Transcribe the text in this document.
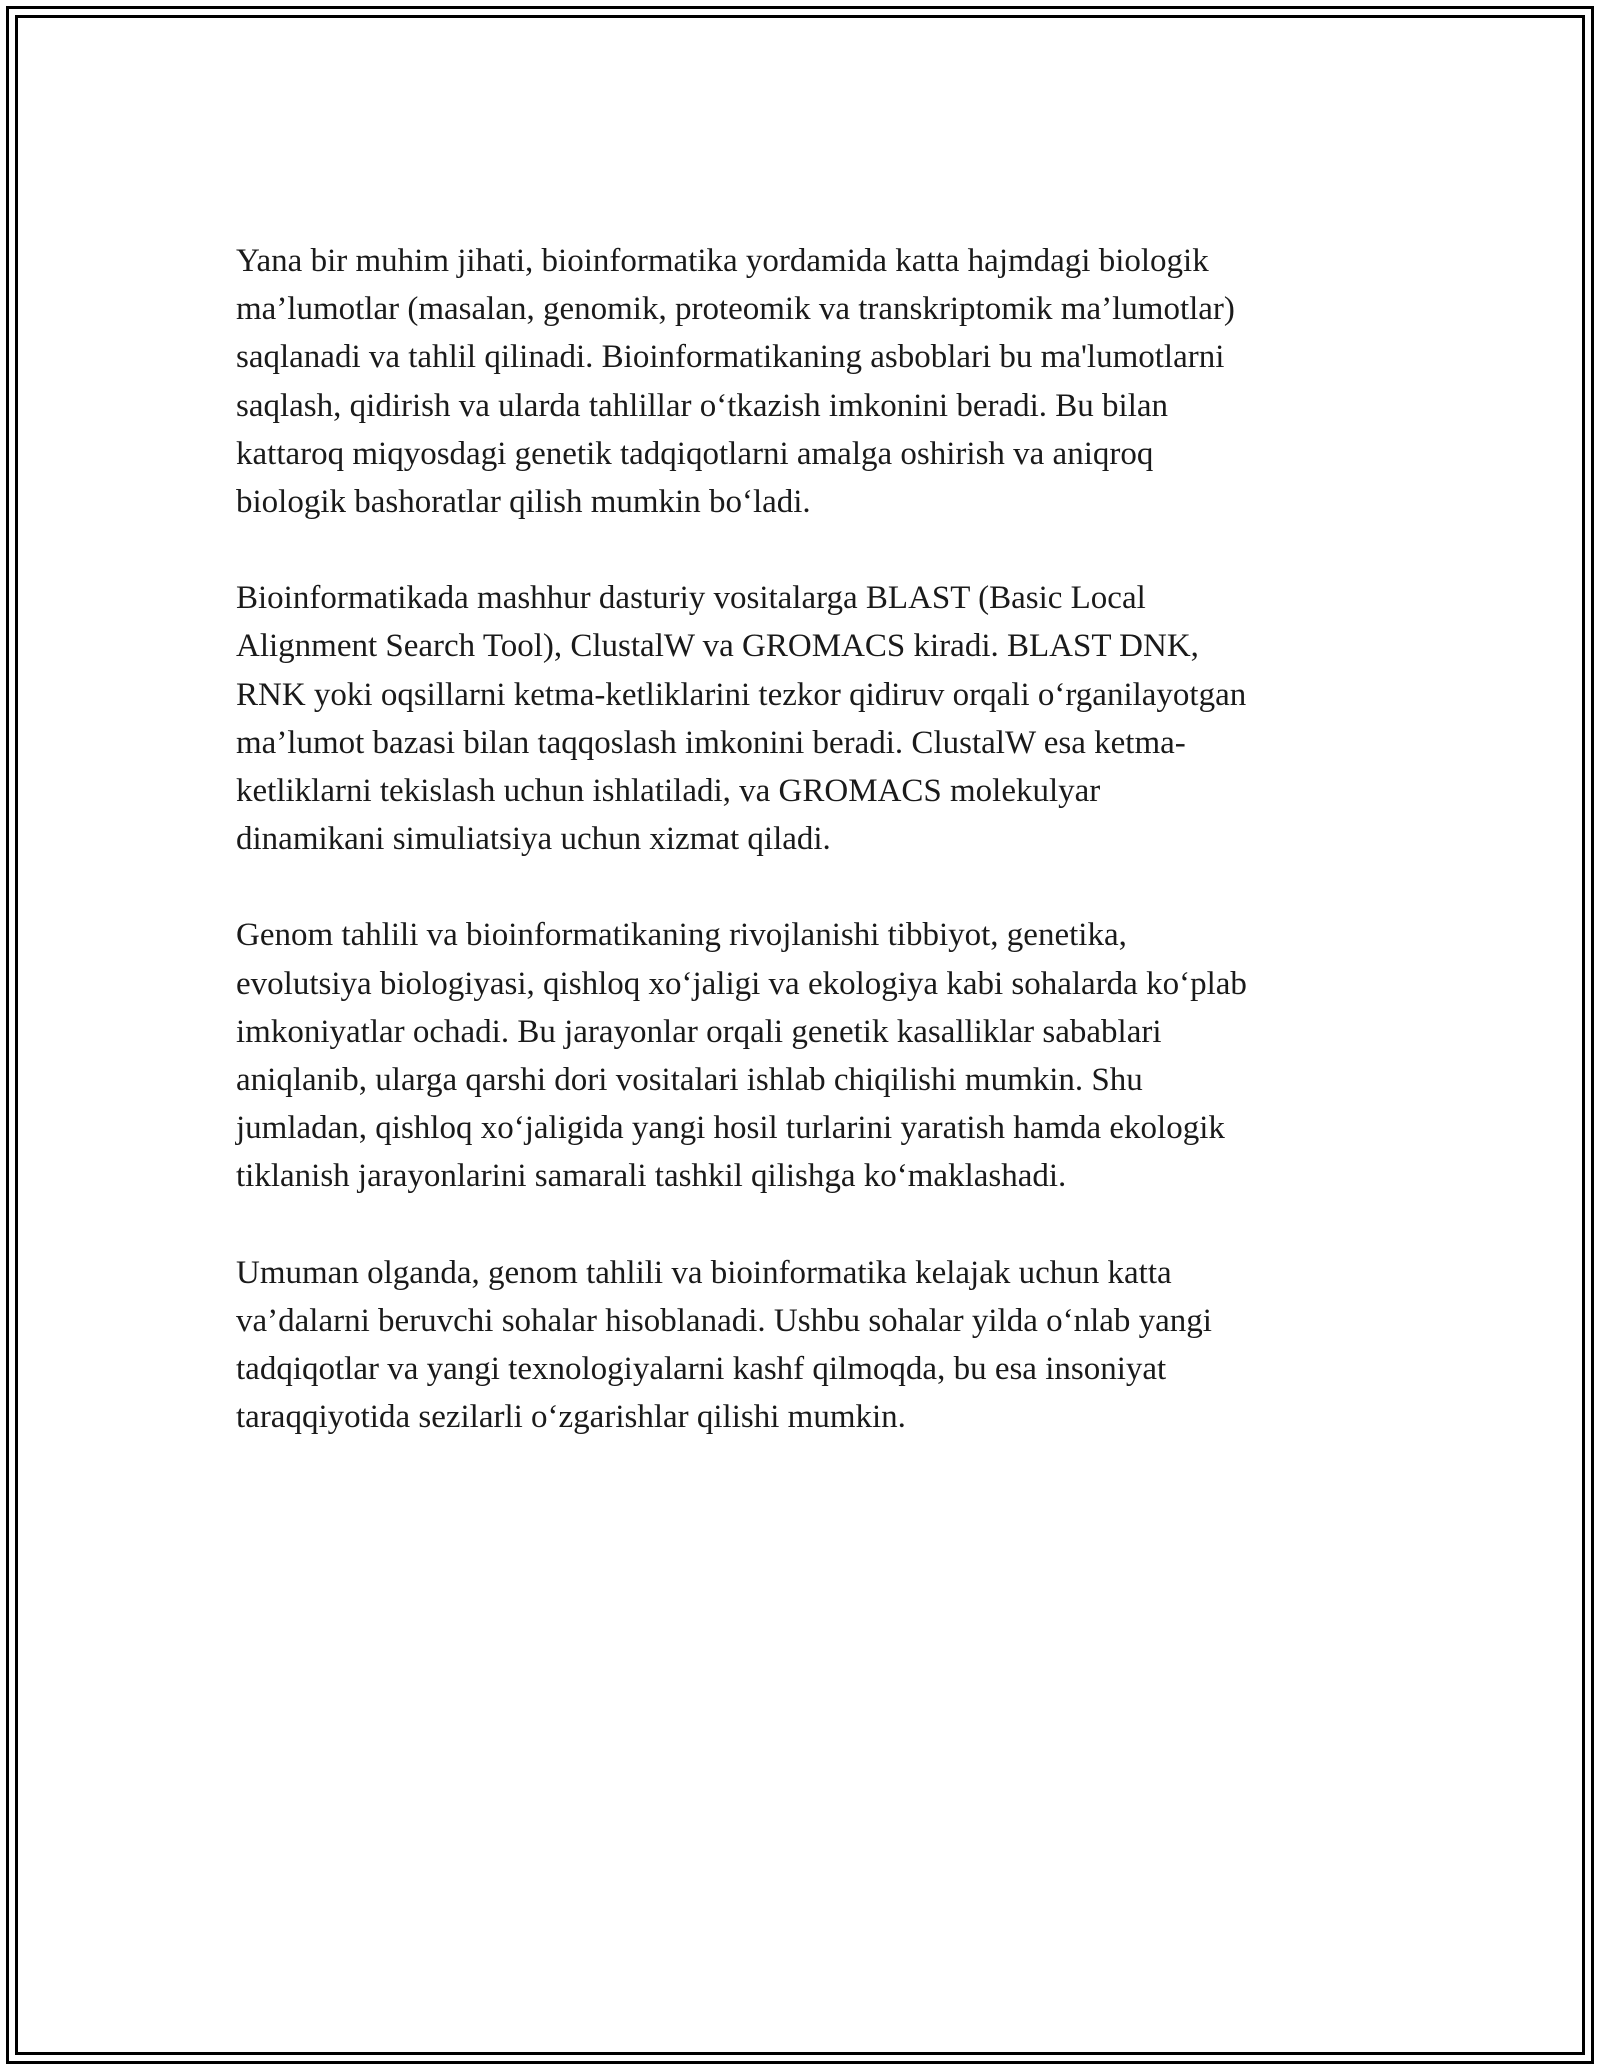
Yana bir muhim jihati, bioinformatika yordamida katta hajmdagi biologik
ma’lumotlar (masalan, genomik, proteomik va transkriptomik ma’lumotlar)
saqlanadi va tahlil qilinadi. Bioinformatikaning asboblari bu ma'lumotlarni
saqlash, qidirish va ularda tahlillar o‘tkazish imkonini beradi. Bu bilan
kattaroq miqyosdagi genetik tadqiqotlarni amalga oshirish va aniqroq
biologik bashoratlar qilish mumkin bo‘ladi.

Bioinformatikada mashhur dasturiy vositalarga BLAST (Basic Local
Alignment Search Tool), ClustalW va GROMACS kiradi. BLAST DNK,
RNK yoki oqsillarni ketma-ketliklarini tezkor qidiruv orqali o‘rganilayotgan
ma’lumot bazasi bilan taqqoslash imkonini beradi. ClustalW esa ketma-
ketliklarni tekislash uchun ishlatiladi, va GROMACS molekulyar
dinamikani simuliatsiya uchun xizmat qiladi.

Genom tahlili va bioinformatikaning rivojlanishi tibbiyot, genetika,
evolutsiya biologiyasi, qishloq xo‘jaligi va ekologiya kabi sohalarda ko‘plab
imkoniyatlar ochadi. Bu jarayonlar orqali genetik kasalliklar sabablari
aniqlanib, ularga qarshi dori vositalari ishlab chiqilishi mumkin. Shu
jumladan, qishloq xo‘jaligida yangi hosil turlarini yaratish hamda ekologik
tiklanish jarayonlarini samarali tashkil qilishga ko‘maklashadi.

Umuman olganda, genom tahlili va bioinformatika kelajak uchun katta
va’dalarni beruvchi sohalar hisoblanadi. Ushbu sohalar yilda o‘nlab yangi
tadqiqotlar va yangi texnologiyalarni kashf qilmoqda, bu esa insoniyat
taraqqiyotida sezilarli o‘zgarishlar qilishi mumkin.
